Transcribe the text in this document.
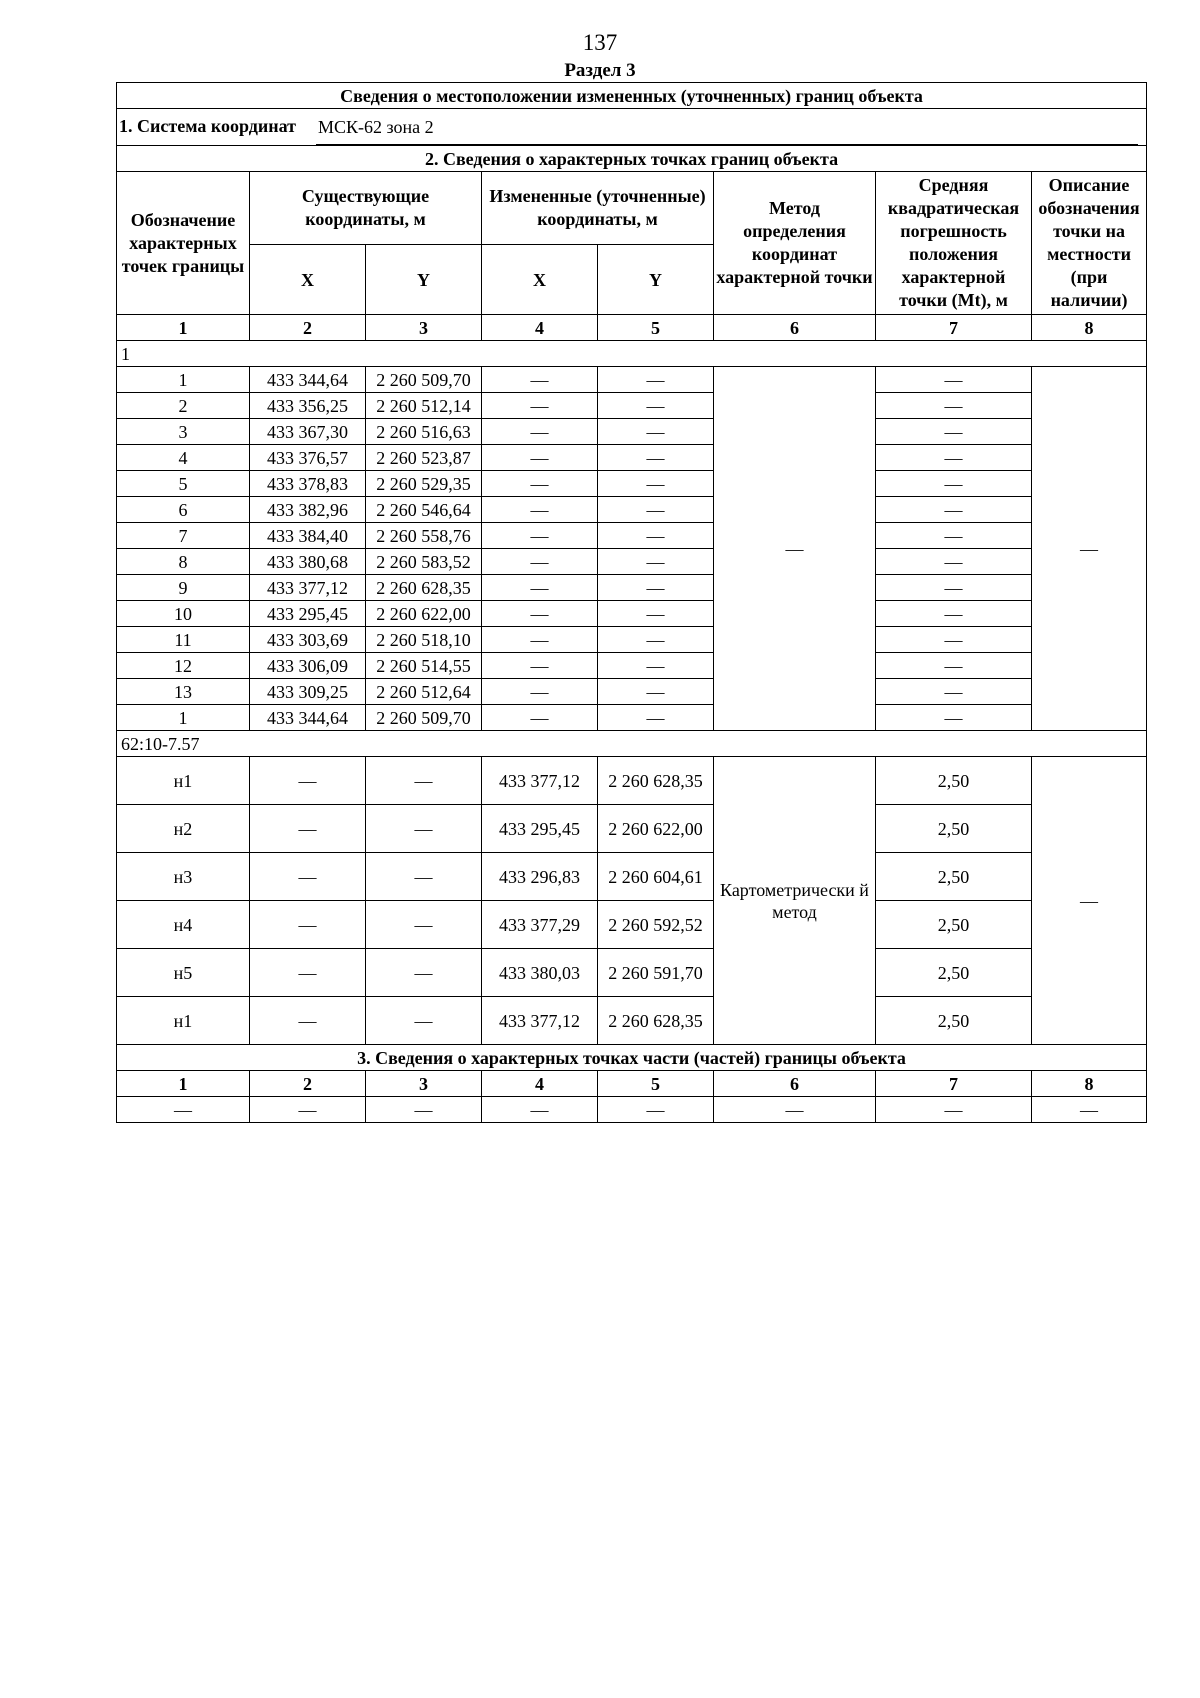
137
Раздел 3
Сведения о местоположении измененных (уточненных) границ объекта							

1. Система координат МСК-62 зона 2							

2. Сведения о характерных точках границ объекта							
Обозначение характерных точек границы	Существующие координаты, м		Измененные (уточненные) координаты, м		Метод определения координат характерной точки	Средняя квадратическая погрешность положения характерной точки (Mt), м	Описание обозначения точки на местности (при наличии)
	X	Y	X	Y			
1	2	3	4	5	6	7	8
1							
1	433 344,64	2 260 509,70	—	—	—	—	—
2	433 356,25	2 260 512,14	—	—		—	
3	433 367,30	2 260 516,63	—	—		—	
4	433 376,57	2 260 523,87	—	—		—	
5	433 378,83	2 260 529,35	—	—		—	
6	433 382,96	2 260 546,64	—	—		—	
7	433 384,40	2 260 558,76	—	—		—	
8	433 380,68	2 260 583,52	—	—		—	
9	433 377,12	2 260 628,35	—	—		—	
10	433 295,45	2 260 622,00	—	—		—	
11	433 303,69	2 260 518,10	—	—		—	
12	433 306,09	2 260 514,55	—	—		—	
13	433 309,25	2 260 512,64	—	—		—	
1	433 344,64	2 260 509,70	—	—		—	
62:10-7.57							
н1	—	—	433 377,12	2 260 628,35	Картометрически й метод	2,50	—
н2	—	—	433 295,45	2 260 622,00		2,50	
н3	—	—	433 296,83	2 260 604,61		2,50	
н4	—	—	433 377,29	2 260 592,52		2,50	
н5	—	—	433 380,03	2 260 591,70		2,50	
н1	—	—	433 377,12	2 260 628,35		2,50	
3. Сведения о характерных точках части (частей) границы объекта							
1	2	3	4	5	6	7	8
—	—	—	—	—	—	—	—
